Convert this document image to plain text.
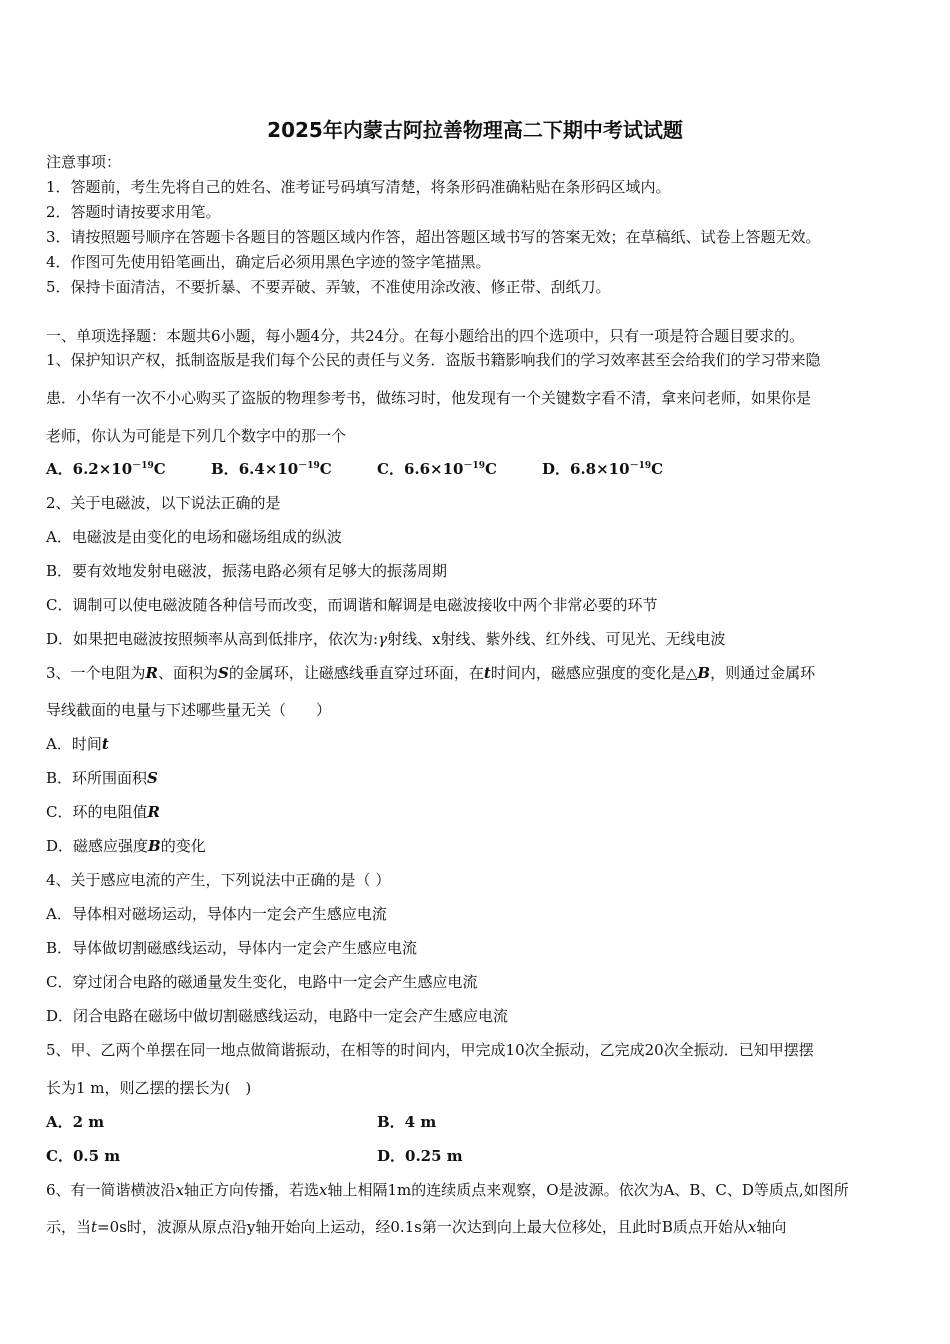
2025年内蒙古阿拉善物理高二下期中考试试题
注意事项：
1．答题前，考生先将自己的姓名、准考证号码填写清楚，将条形码准确粘贴在条形码区域内。
2．答题时请按要求用笔。
3．请按照题号顺序在答题卡各题目的答题区域内作答，超出答题区域书写的答案无效；在草稿纸、试卷上答题无效。
4．作图可先使用铅笔画出，确定后必须用黑色字迹的签字笔描黑。
5．保持卡面清洁，不要折暴、不要弄破、弄皱，不准使用涂改液、修正带、刮纸刀。
一、单项选择题：本题共6小题，每小题4分，共24分。在每小题给出的四个选项中，只有一项是符合题目要求的。
1、保护知识产权，抵制盗版是我们每个公民的责任与义务．盗版书籍影响我们的学习效率甚至会给我们的学习带来隐
患．小华有一次不小心购买了盗版的物理参考书，做练习时，他发现有一个关键数字看不清，拿来问老师，如果你是
老师，你认为可能是下列几个数字中的那一个
A．$6.2\times 10^{-19}C$	B．$6.4\times 10^{-19}C$	C．$6.6\times 10^{-19}C$	D．$6.8\times 10^{-19}C$
2、关于电磁波，以下说法正确的是
A．电磁波是由变化的电场和磁场组成的纵波
B．要有效地发射电磁波，振荡电路必须有足够大的振荡周期
C．调制可以使电磁波随各种信号而改变，而调谐和解调是电磁波接收中两个非常必要的环节
D．如果把电磁波按照频率从高到低排序，依次为:γ射线、x射线、紫外线、红外线、可见光、无线电波
3、一个电阻为R、面积为S的金属环，让磁感线垂直穿过环面，在t时间内，磁感应强度的变化是△B，则通过金属环
导线截面的电量与下述哪些量无关（　　）
A．时间t
B．环所围面积S
C．环的电阻值R
D．磁感应强度B的变化
4、关于感应电流的产生，下列说法中正确的是（ ）
A．导体相对磁场运动，导体内一定会产生感应电流
B．导体做切割磁感线运动，导体内一定会产生感应电流
C．穿过闭合电路的磁通量发生变化，电路中一定会产生感应电流
D．闭合电路在磁场中做切割磁感线运动，电路中一定会产生感应电流
5、甲、乙两个单摆在同一地点做简谐振动，在相等的时间内，甲完成10次全振动，乙完成20次全振动．已知甲摆摆
长为1 m，则乙摆的摆长为(　)
A．2 m	B．4 m
C．0.5 m	D．0.25 m
6、有一简谐横波沿x轴正方向传播，若选x轴上相隔1m的连续质点来观察，O是波源。依次为A、B、C、D等质点,如图所
示，当t=0s时，波源从原点沿y轴开始向上运动，经0.1s第一次达到向上最大位移处，且此时B质点开始从x轴向
